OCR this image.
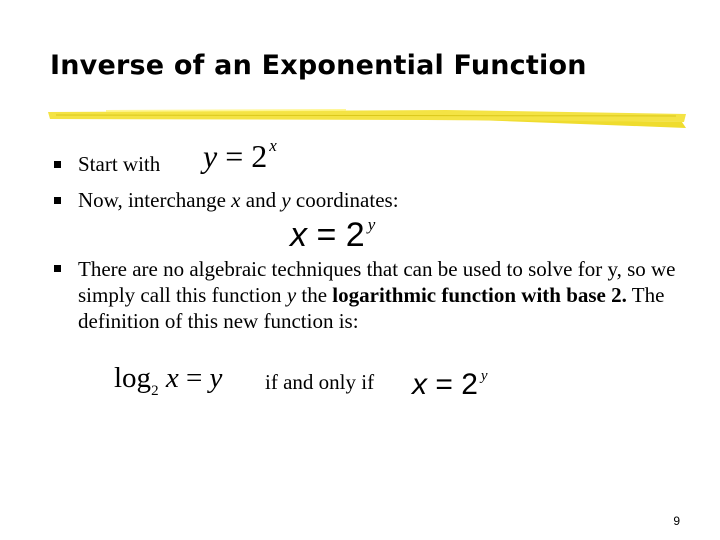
Inverse of an Exponential Function
Start with y = 2 $^x$
Now, interchange x and y coordinates:
x = 2 $^y$
There are no algebraic techniques that can be used to solve for y, so we simply call this function y the logarithmic function with base 2. The definition of this new function is:
$\log_2 x = y$ if and only if x = 2 $^y$
9
